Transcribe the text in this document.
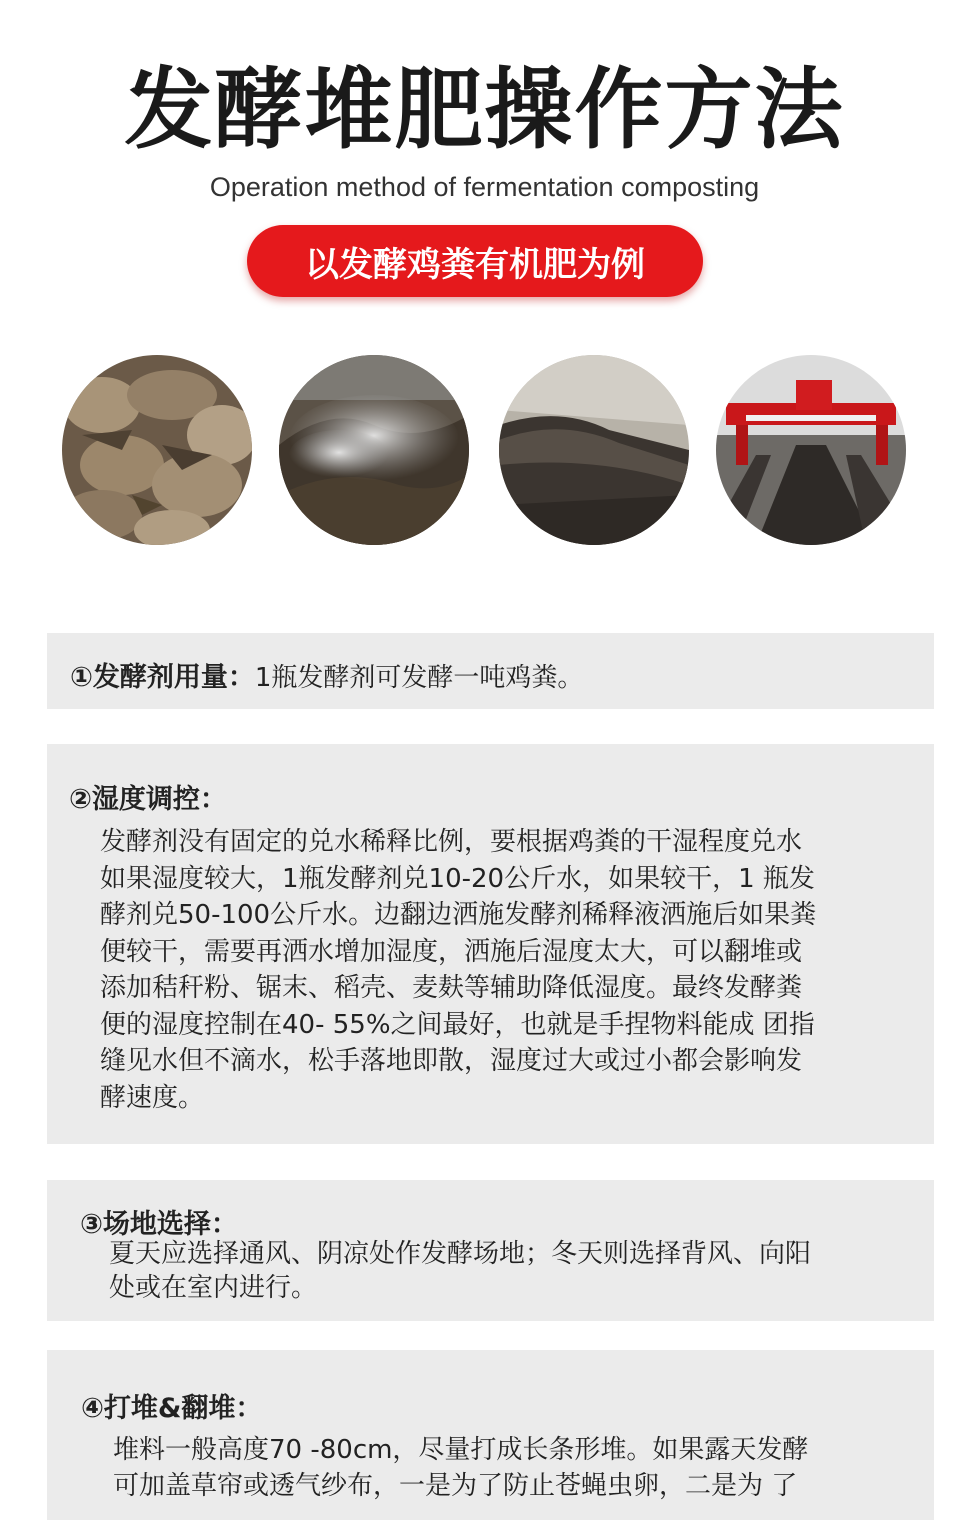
发酵堆肥操作方法
Operation method of fermentation composting
以发酵鸡粪有机肥为例
①发酵剂用量：1瓶发酵剂可发酵一吨鸡粪。
②湿度调控：
发酵剂没有固定的兑水稀释比例，要根据鸡粪的干湿程度兑水
如果湿度较大，1瓶发酵剂兑10-20公斤水，如果较干，1 瓶发
酵剂兑50-100公斤水。边翻边洒施发酵剂稀释液洒施后如果粪
便较干，需要再洒水增加湿度，洒施后湿度太大，可以翻堆或
添加秸秆粉、锯末、稻壳、麦麸等辅助降低湿度。最终发酵粪
便的湿度控制在40- 55%之间最好，也就是手捏物料能成 团指
缝见水但不滴水，松手落地即散，湿度过大或过小都会影响发
酵速度。
③场地选择：
夏天应选择通风、阴凉处作发酵场地；冬天则选择背风、向阳
处或在室内进行。
④打堆&翻堆：
堆料一般高度70 -80cm，尽量打成长条形堆。如果露天发酵
可加盖草帘或透气纱布，一是为了防止苍蝇虫卵，二是为 了
